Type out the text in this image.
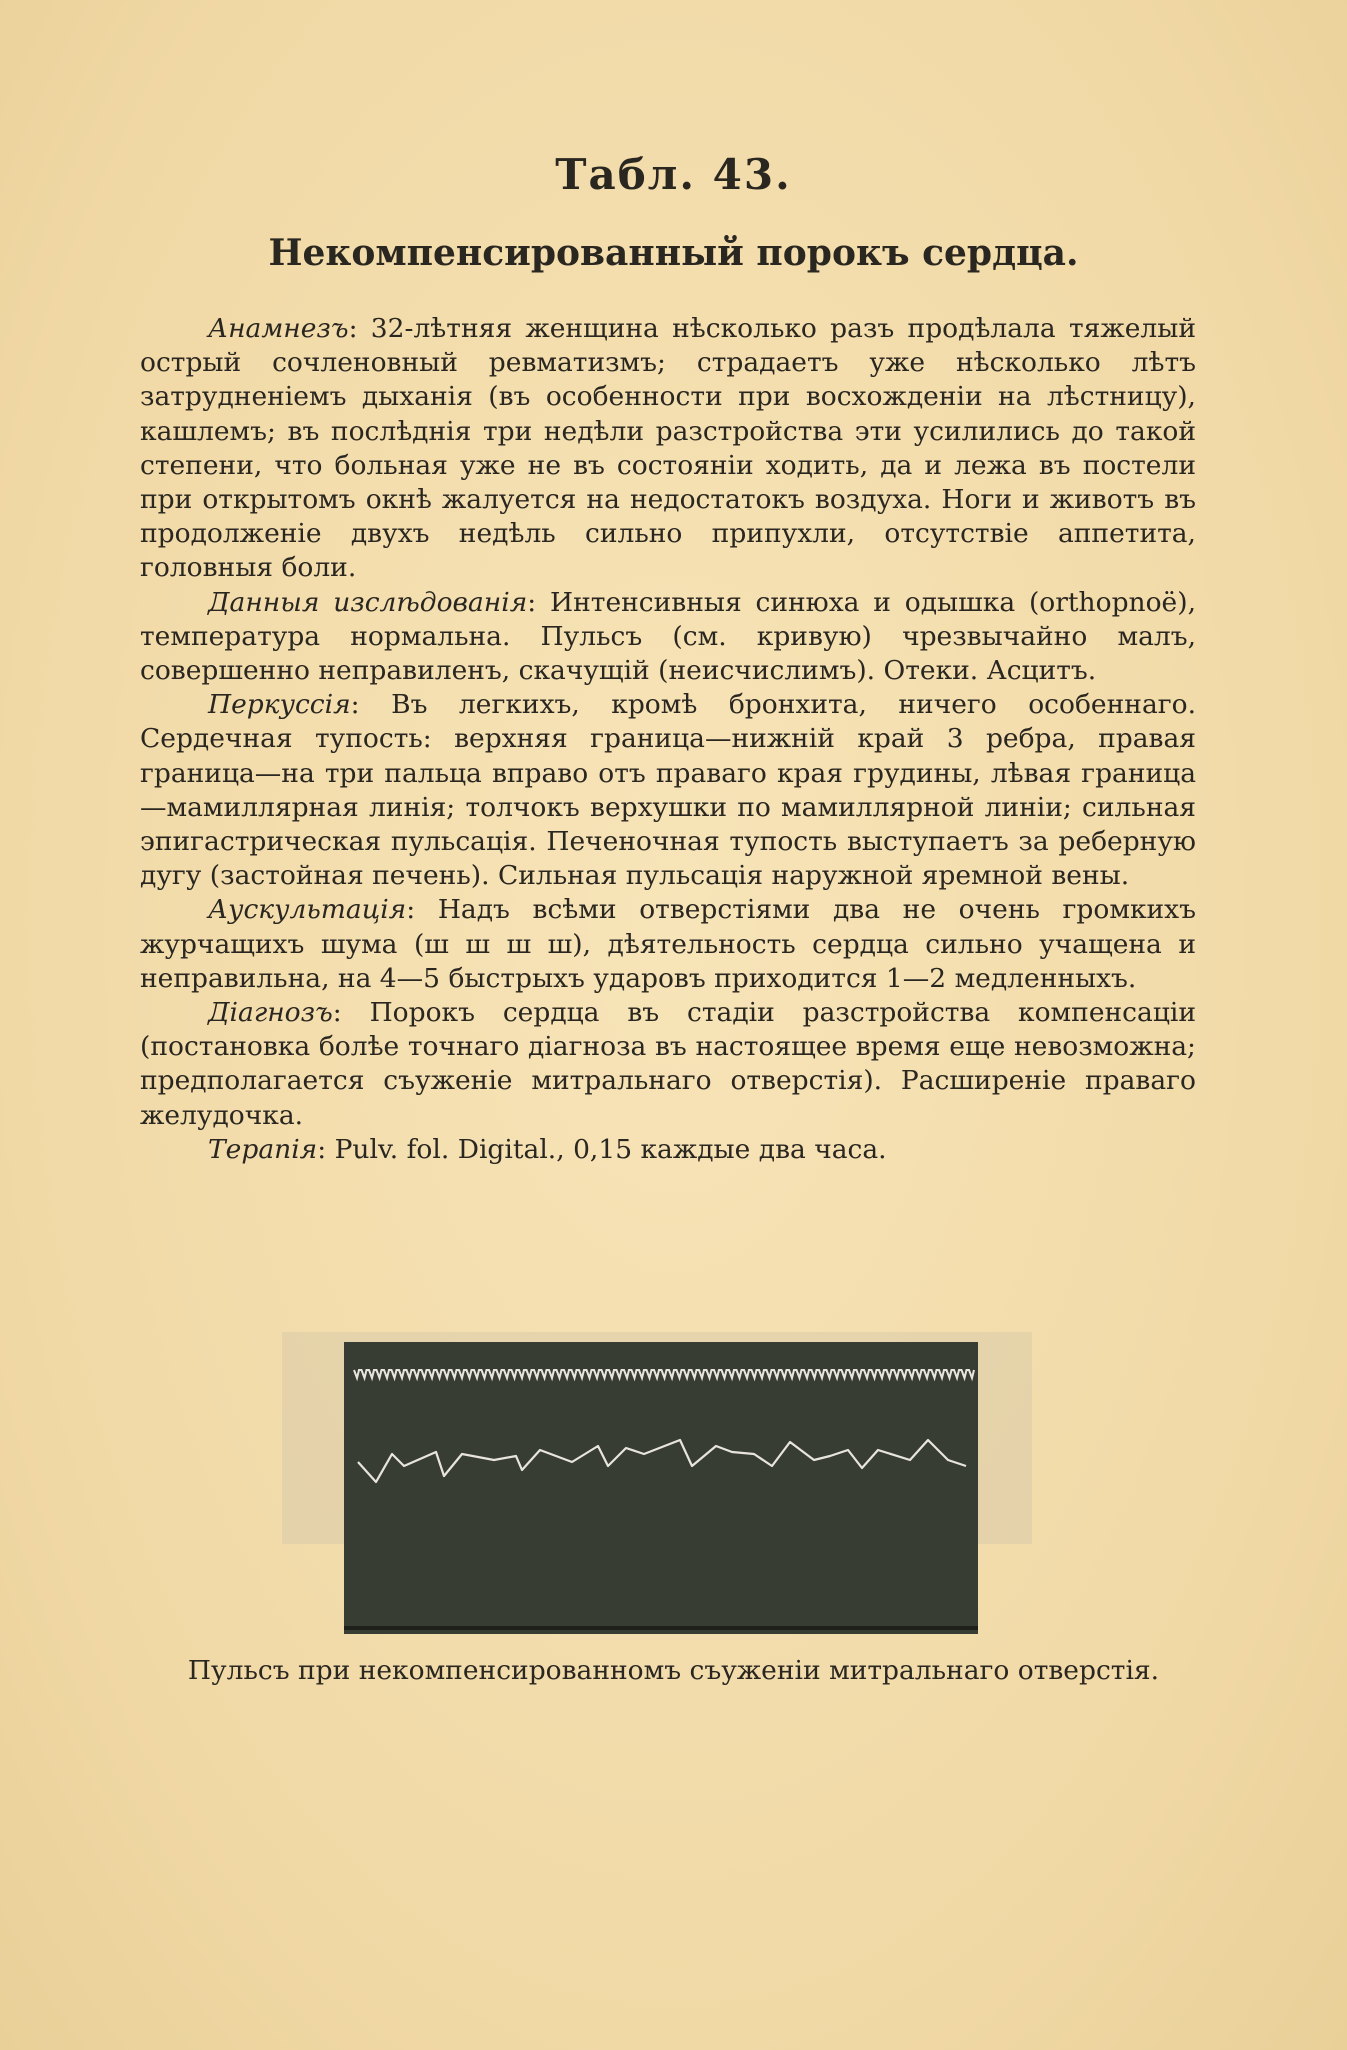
Табл. 43.
Некомпенсированный порокъ сердца.

Анамнезъ: 32-лѣтняя женщина нѣсколько разъ продѣлала тяжелый острый сочленовный ревматизмъ; страдаетъ уже нѣсколько лѣтъ затрудненіемъ дыханія (въ особенности при восхожденіи на лѣстницу), кашлемъ; въ послѣднія три недѣли разстройства эти усилились до такой степени, что больная уже не въ состояніи ходить, да и лежа въ постели при открытомъ окнѣ жалуется на недостатокъ воздуха. Ноги и животъ въ продолженіе двухъ недѣль сильно припухли, отсутствіе аппетита, головныя боли.

Данныя изслѣдованія: Интенсивныя синюха и одышка (orthopnoë), температура нормальна. Пульсъ (см. кривую) чрезвычайно малъ, совершенно неправиленъ, скачущій (неисчислимъ). Отеки. Асцитъ.

Перкуссія: Въ легкихъ, кромѣ бронхита, ничего особеннаго. Сердечная тупость: верхняя граница—нижній край 3 ребра, правая граница—на три пальца вправо отъ праваго края грудины, лѣвая граница—мамиллярная линія; толчокъ верхушки по мамиллярной линіи; сильная эпигастрическая пульсація. Печеночная тупость выступаетъ за реберную дугу (застойная печень). Сильная пульсація наружной яремной вены.

Аускультація: Надъ всѣми отверстіями два не очень громкихъ журчащихъ шума (ш ш ш ш), дѣятельность сердца сильно учащена и неправильна, на 4—5 быстрыхъ ударовъ приходится 1—2 медленныхъ.

Діагнозъ: Порокъ сердца въ стадіи разстройства компенсаціи (постановка болѣе точнаго діагноза въ настоящее время еще невозможна; предполагается съуженіе митральнаго отверстія). Расширеніе праваго желудочка.

Терапія: Pulv. fol. Digital., 0,15 каждые два часа.

Пульсъ при некомпенсированномъ съуженіи митральнаго отверстія.
